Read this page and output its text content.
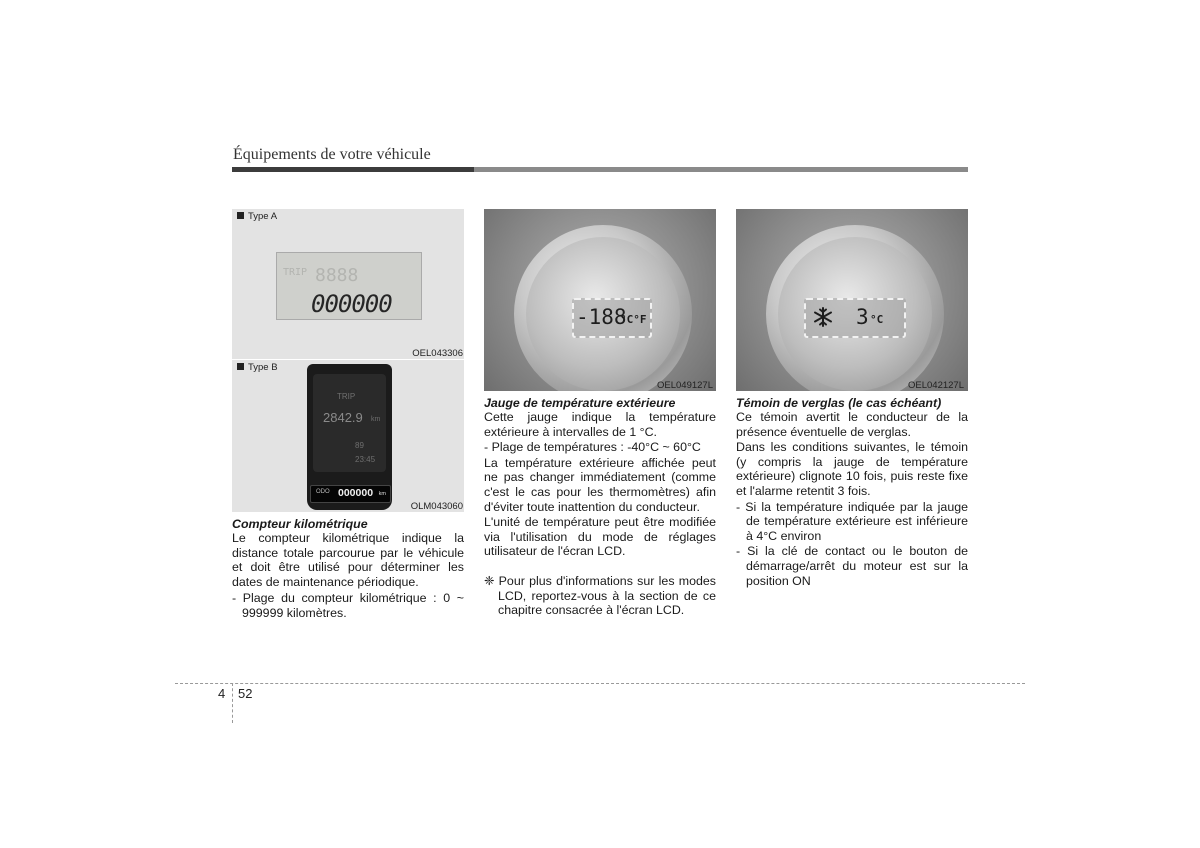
Équipements de votre véhicule
Type A
OEL043306
TRIP 8888
000000
Type B
OLM043060
TRIP
2842.9 km
89
23:45
ODO 000000 km
-188
°C°F
OEL049127L
3 °C
OEL042127L
Compteur kilométrique
Le compteur kilométrique indique la distance totale parcourue par le véhicule et doit être utilisé pour déterminer les dates de maintenance périodique.
- Plage du compteur kilométrique : 0 ~ 999999 kilomètres.
Jauge de température extérieure
Cette jauge indique la température extérieure à intervalles de 1 °C.
- Plage de températures : -40°C ~ 60°C
La température extérieure affichée peut ne pas changer immédiatement (comme c'est le cas pour les thermomètres) afin d'éviter toute inattention du conducteur.
L'unité de température peut être modifiée via l'utilisation du mode de réglages utilisateur de l'écran LCD.
❈ Pour plus d'informations sur les modes LCD, reportez-vous à la section de ce chapitre consacrée à l'écran LCD.
Témoin de verglas (le cas échéant)
Ce témoin avertit le conducteur de la présence éventuelle de verglas.
Dans les conditions suivantes, le témoin (y compris la jauge de température extérieure) clignote 10 fois, puis reste fixe et l'alarme retentit 3 fois.
- Si la température indiquée par la jauge de température extérieure est inférieure à 4°C environ
- Si la clé de contact ou le bouton de démarrage/arrêt du moteur est sur la position ON
4 52
